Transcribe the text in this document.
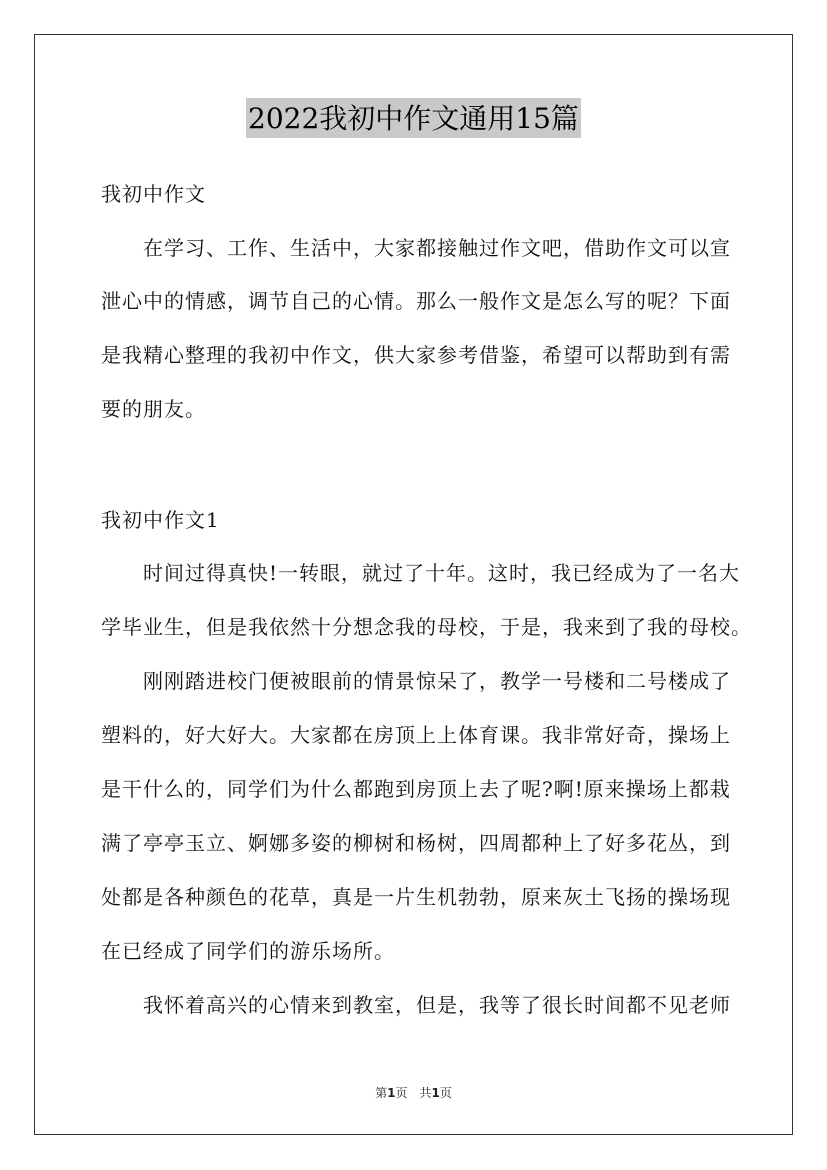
2022我初中作文通用15篇
我初中作文
在学习、工作、生活中，大家都接触过作文吧，借助作文可以宣
泄心中的情感，调节自己的心情。那么一般作文是怎么写的呢？下面
是我精心整理的我初中作文，供大家参考借鉴，希望可以帮助到有需
要的朋友。
我初中作文1
时间过得真快!一转眼，就过了十年。这时，我已经成为了一名大
学毕业生，但是我依然十分想念我的母校，于是，我来到了我的母校。
刚刚踏进校门便被眼前的情景惊呆了，教学一号楼和二号楼成了
塑料的，好大好大。大家都在房顶上上体育课。我非常好奇，操场上
是干什么的，同学们为什么都跑到房顶上去了呢?啊!原来操场上都栽
满了亭亭玉立、婀娜多姿的柳树和杨树，四周都种上了好多花丛，到
处都是各种颜色的花草，真是一片生机勃勃，原来灰土飞扬的操场现
在已经成了同学们的游乐场所。
我怀着高兴的心情来到教室，但是，我等了很长时间都不见老师
第1页　共1页
